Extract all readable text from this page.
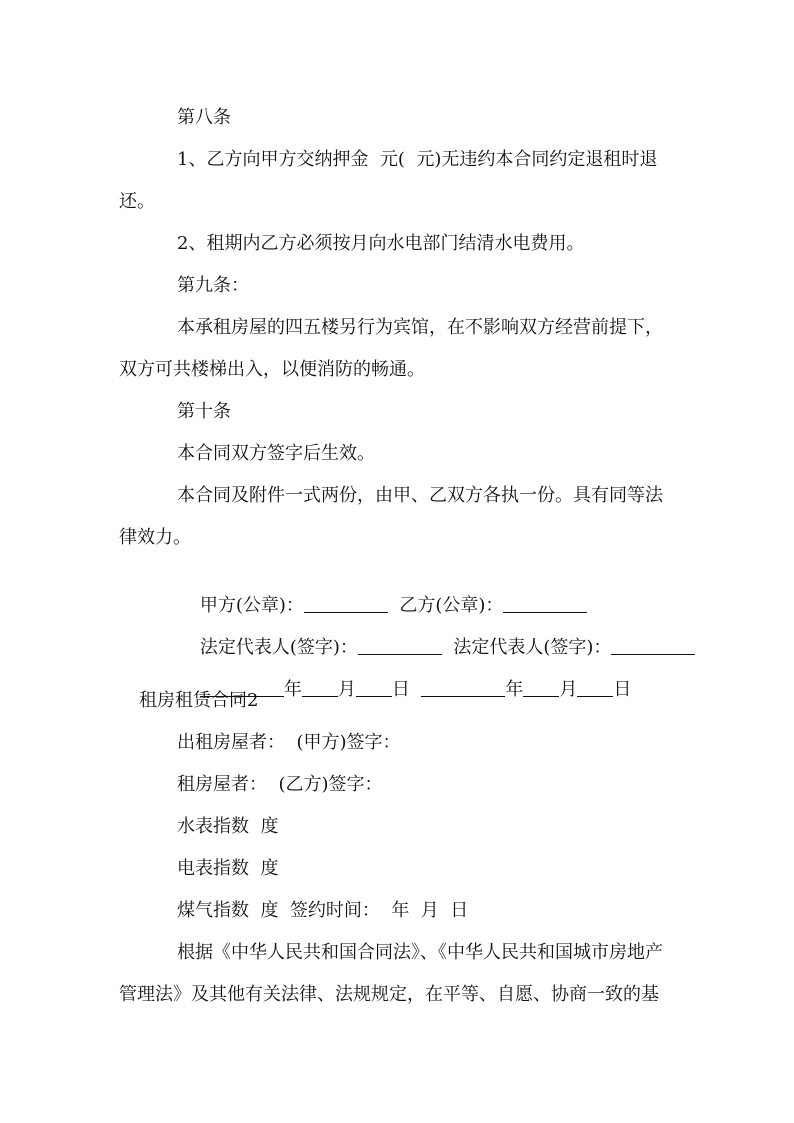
第八条
1、乙方向甲方交纳押金  元(  元)无违约本合同约定退租时退
还。
2、租期内乙方必须按月向水电部门结清水电费用。
第九条：
本承租房屋的四五楼另行为宾馆，在不影响双方经营前提下，
双方可共楼梯出入，以便消防的畅通。
第十条
本合同双方签字后生效。
本合同及附件一式两份，由甲、乙双方各执一份。具有同等法
律效力。

甲方(公章)：	乙方(公章)：

法定代表人(签字)：	法定代表人(签字)：

年 月 日	年 月 日

租房租赁合同2
出租房屋者：  (甲方)签字：
租房屋者：  (乙方)签字：
水表指数  度
电表指数  度
煤气指数  度  签约时间：  年  月  日
根据《中华人民共和国合同法》、《中华人民共和国城市房地产
管理法》及其他有关法律、法规规定，在平等、自愿、协商一致的基
